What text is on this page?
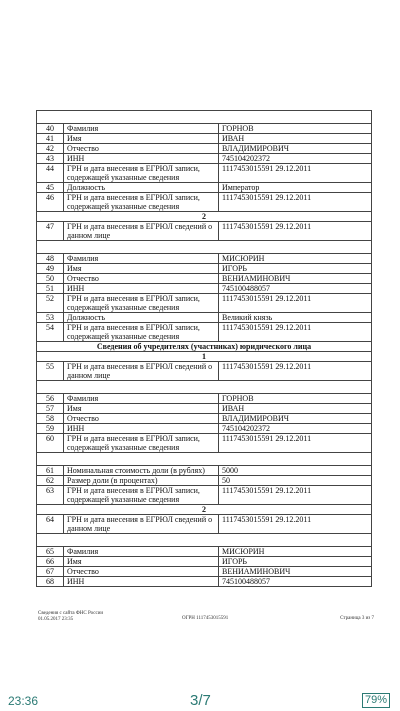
40	Фамилия	ГОРНОВ
41	Имя	ИВАН
42	Отчество	ВЛАДИМИРОВИЧ
43	ИНН	745104202372
44	ГРН и дата внесения в ЕГРЮЛ записи, содержащей указанные сведения	1117453015591 29.12.2011
45	Должность	Император
46	ГРН и дата внесения в ЕГРЮЛ записи, содержащей указанные сведения	1117453015591 29.12.2011
2		
47	ГРН и дата внесения в ЕГРЮЛ сведений о данном лице	1117453015591 29.12.2011

48	Фамилия	МИСЮРИН
49	Имя	ИГОРЬ
50	Отчество	ВЕНИАМИНОВИЧ
51	ИНН	745100488057
52	ГРН и дата внесения в ЕГРЮЛ записи, содержащей указанные сведения	1117453015591 29.12.2011
53	Должность	Великий князь
54	ГРН и дата внесения в ЕГРЮЛ записи, содержащей указанные сведения	1117453015591 29.12.2011
Сведения об учредителях (участниках) юридического лица		
1		
55	ГРН и дата внесения в ЕГРЮЛ сведений о данном лице	1117453015591 29.12.2011

56	Фамилия	ГОРНОВ
57	Имя	ИВАН
58	Отчество	ВЛАДИМИРОВИЧ
59	ИНН	745104202372
60	ГРН и дата внесения в ЕГРЮЛ записи, содержащей указанные сведения	1117453015591 29.12.2011

61	Номинальная стоимость доли (в рублях)	5000
62	Размер доли (в процентах)	50
63	ГРН и дата внесения в ЕГРЮЛ записи, содержащей указанные сведения	1117453015591 29.12.2011
2		
64	ГРН и дата внесения в ЕГРЮЛ сведений о данном лице	1117453015591 29.12.2011

65	Фамилия	МИСЮРИН
66	Имя	ИГОРЬ
67	Отчество	ВЕНИАМИНОВИЧ
68	ИНН	745100488057
Сведения с сайта ФНС России
01.05.2017 23:35	ОГРН 1117453015591	Страница 3 из 7
23:36	3/7	79%
